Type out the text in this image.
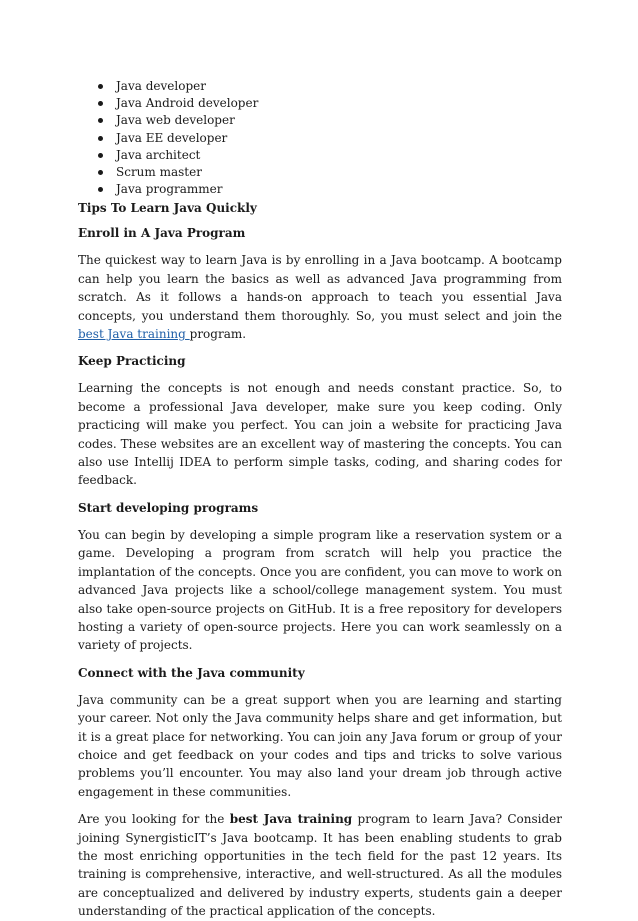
Java developer
Java Android developer
Java web developer
Java EE developer
Java architect
Scrum master
Java programmer
Tips To Learn Java Quickly
Enroll in A Java Program

The quickest way to learn Java is by enrolling in a Java bootcamp. A bootcamp can help you learn the basics as well as advanced Java programming from scratch. As it follows a hands-on approach to teach you essential Java concepts, you understand them thoroughly. So, you must select and join the best Java training program.

Keep Practicing

Learning the concepts is not enough and needs constant practice. So, to become a professional Java developer, make sure you keep coding. Only practicing will make you perfect. You can join a website for practicing Java codes. These websites are an excellent way of mastering the concepts. You can also use Intellij IDEA to perform simple tasks, coding, and sharing codes for feedback.

Start developing programs

You can begin by developing a simple program like a reservation system or a game. Developing a program from scratch will help you practice the implantation of the concepts. Once you are confident, you can move to work on advanced Java projects like a school/college management system. You must also take open-source projects on GitHub. It is a free repository for developers hosting a variety of open-source projects. Here you can work seamlessly on a variety of projects.

Connect with the Java community

Java community can be a great support when you are learning and starting your career. Not only the Java community helps share and get information, but it is a great place for networking. You can join any Java forum or group of your choice and get feedback on your codes and tips and tricks to solve various problems you’ll encounter. You may also land your dream job through active engagement in these communities.

Are you looking for the best Java training program to learn Java? Consider joining SynergisticIT’s Java bootcamp. It has been enabling students to grab the most enriching opportunities in the tech field for the past 12 years. Its training is comprehensive, interactive, and well-structured. As all the modules are conceptualized and delivered by industry experts, students gain a deeper understanding of the practical application of the concepts.
